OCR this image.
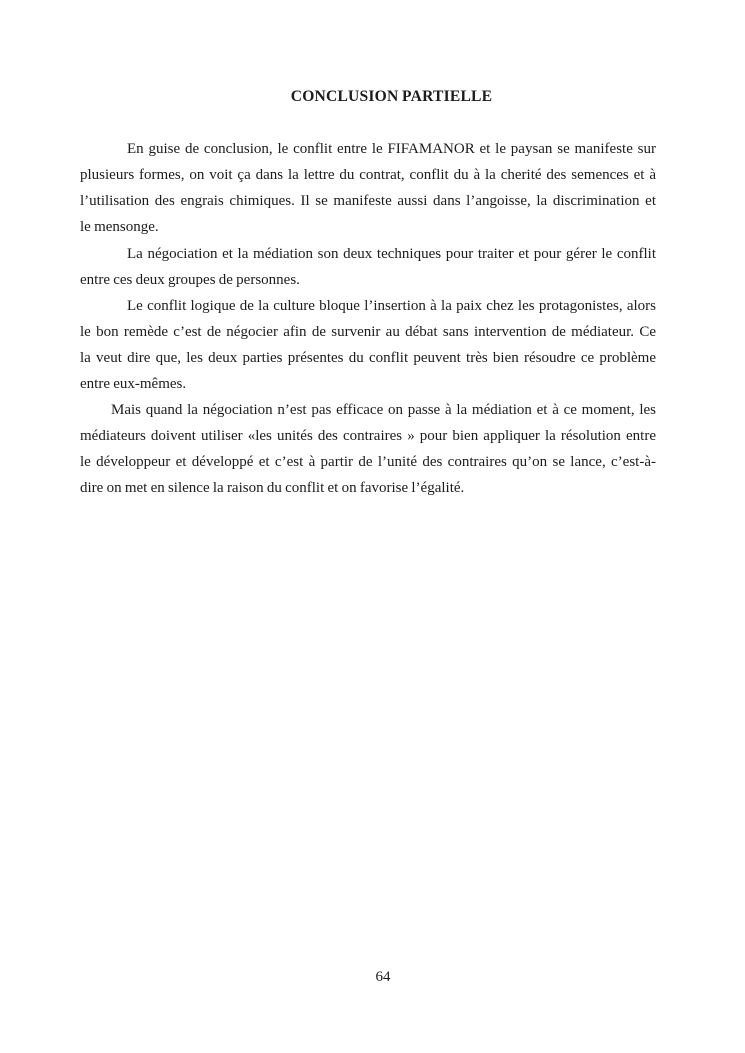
CONCLUSION PARTIELLE
En guise de conclusion, le conflit entre le FIFAMANOR et le paysan se manifeste sur
plusieurs formes, on voit ça dans la lettre du contrat, conflit du à la cherité des semences et à
l’utilisation des engrais chimiques. Il se manifeste aussi dans l’angoisse, la discrimination et
le mensonge.
La négociation et la médiation son deux techniques pour traiter et pour gérer le conflit
entre ces deux groupes de personnes.
Le conflit logique de la culture bloque l’insertion à la paix chez les protagonistes, alors
le bon remède c’est de négocier afin de survenir au débat sans intervention de médiateur. Ce
la veut dire que, les deux parties présentes du conflit peuvent très bien résoudre ce problème
entre eux-mêmes.
Mais quand la négociation n’est pas efficace on passe à la médiation et à ce moment, les
médiateurs doivent utiliser «les unités des contraires » pour bien appliquer la résolution entre
le développeur et développé et c’est à partir de l’unité des contraires qu’on se lance, c’est-à-
dire on met en silence la raison du conflit et on favorise l’égalité.
64
